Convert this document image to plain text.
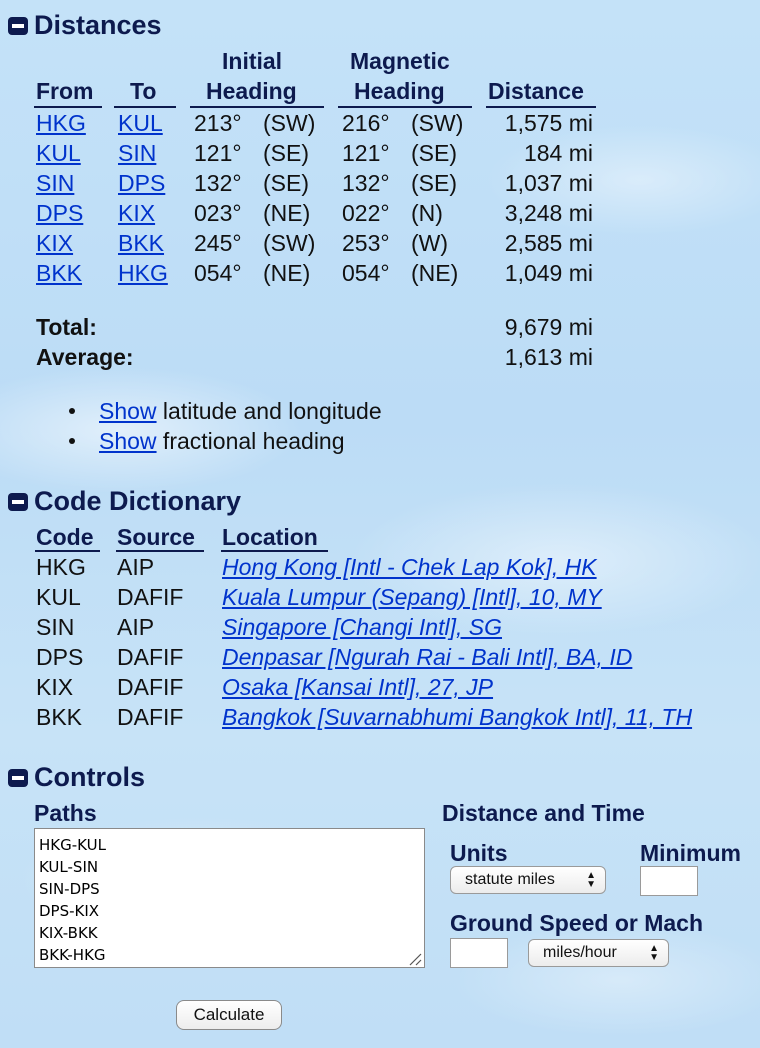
Distances
Initial	Magnetic
From To Heading Heading Distance
HKG KUL 213° (SW) 216° (SW) 1,575 mi
KUL SIN 121° (SE) 121° (SE)	184 mi
SIN DPS 132° (SE) 132° (SE) 1,037 mi
DPS KIX 023° (NE) 022° (N)	3,248 mi
KIX BKK 245° (SW) 253° (W) 2,585 mi
BKK HKG 054° (NE) 054° (NE) 1,049 mi
Total:	9,679 mi
Average:	1,613 mi
Show latitude and longitude
Show fractional heading
Code Dictionary
Code Source Location
HKG AIP	Hong Kong [Intl - Chek Lap Kok], HK
KUL DAFIF Kuala Lumpur (Sepang) [Intl], 10, MY
SIN AIP	Singapore [Changi Intl], SG
DPS DAFIF Denpasar [Ngurah Rai - Bali Intl], BA, ID
KIX DAFIF Osaka [Kansai Intl], 27, JP
BKK DAFIF Bangkok [Suvarnabhumi Bangkok Intl], 11, TH
Controls
Paths
HKG-KUL KUL-SIN SIN-DPS DPS-KIX KIX-BKK BKK-HKG	Distance and Time
Units	Minimum
statute miles	▲
▼
Ground Speed or Mach
miles/hour	▲
▼
Calculate
